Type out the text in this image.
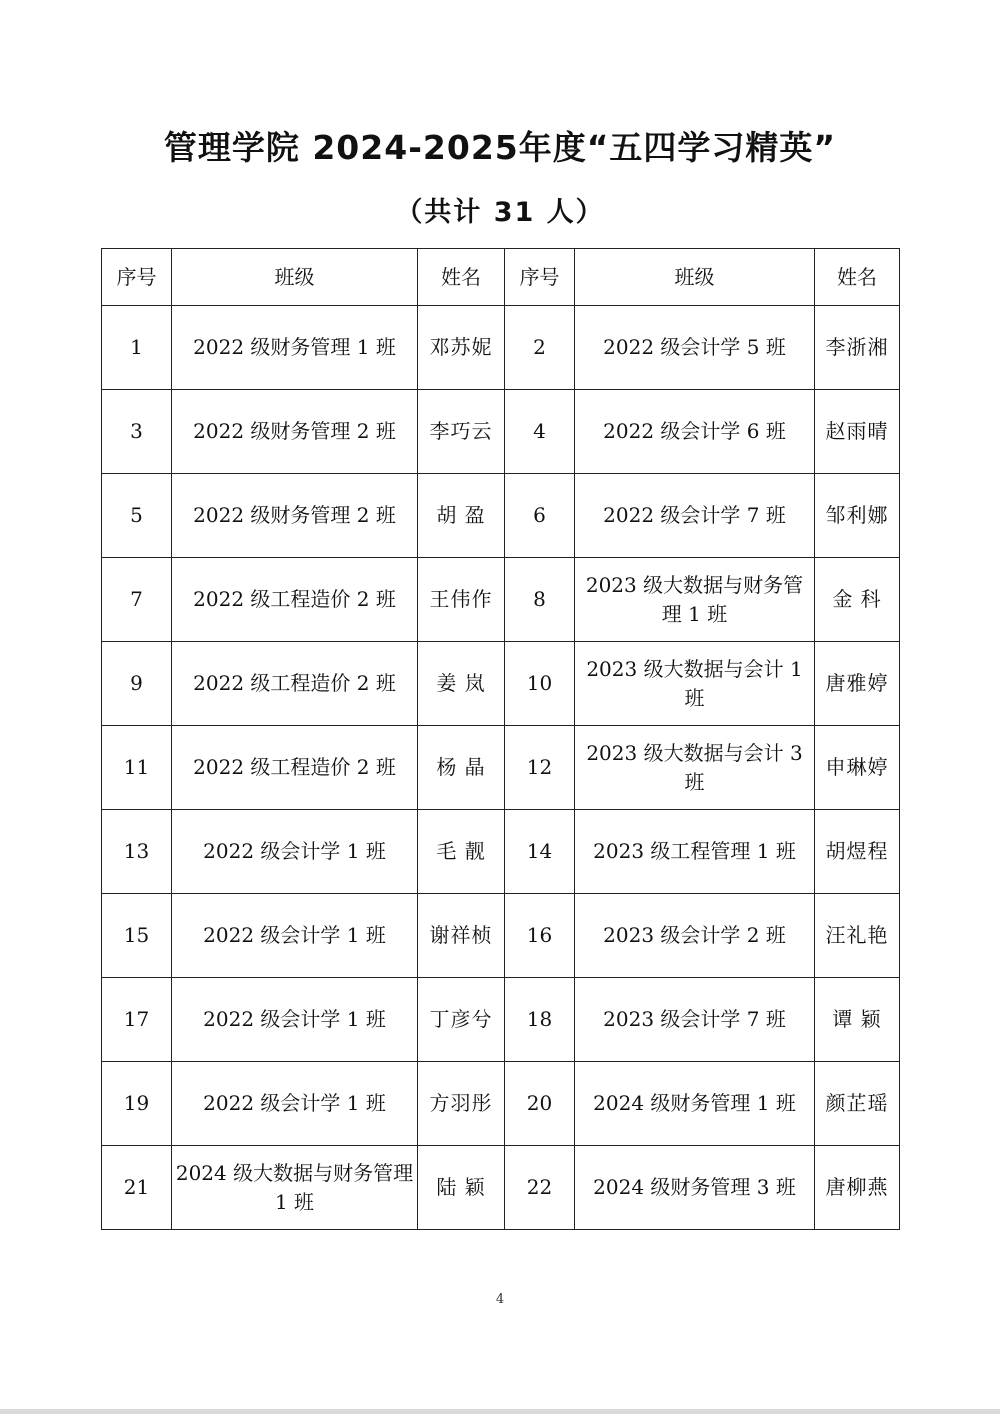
管理学院 2024-2025年度“五四学习精英”
（共计 31 人）
序号	班级	姓名	序号	班级	姓名
1	2022 级财务管理 1 班	邓苏妮	2	2022 级会计学 5 班	李浙湘
3	2022 级财务管理 2 班	李巧云	4	2022 级会计学 6 班	赵雨晴
5	2022 级财务管理 2 班	胡 盈	6	2022 级会计学 7 班	邹利娜
7	2022 级工程造价 2 班	王伟作	8	2023 级大数据与财务管理 1 班	金 科
9	2022 级工程造价 2 班	姜 岚	10	2023 级大数据与会计 1 班	唐雅婷
11	2022 级工程造价 2 班	杨 晶	12	2023 级大数据与会计 3 班	申琳婷
13	2022 级会计学 1 班	毛 靓	14	2023 级工程管理 1 班	胡煜程
15	2022 级会计学 1 班	谢祥桢	16	2023 级会计学 2 班	汪礼艳
17	2022 级会计学 1 班	丁彦兮	18	2023 级会计学 7 班	谭 颖
19	2022 级会计学 1 班	方羽彤	20	2024 级财务管理 1 班	颜芷瑶
21	2024 级大数据与财务管理 1 班	陆 颖	22	2024 级财务管理 3 班	唐柳燕
4
